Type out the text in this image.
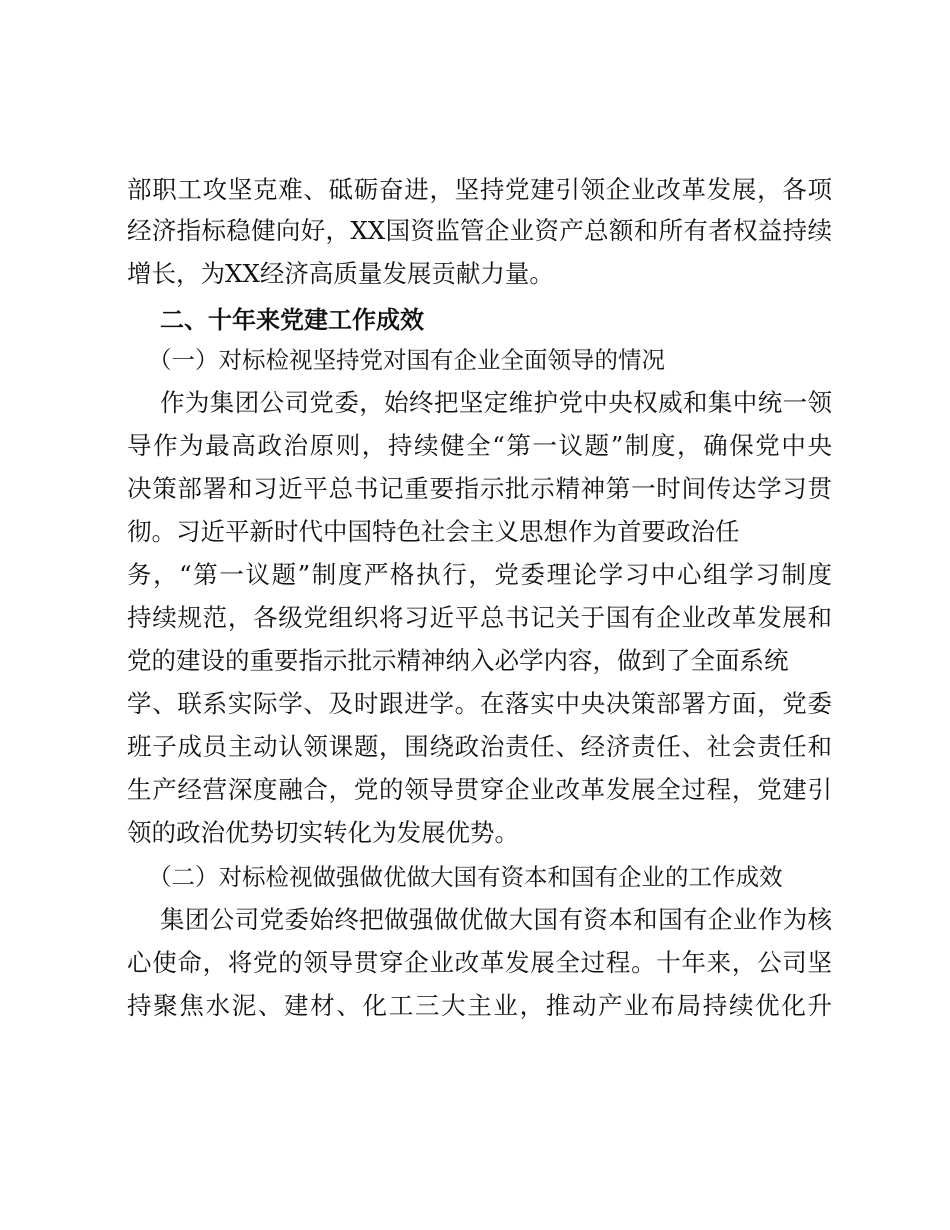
部职工攻坚克难、砥砺奋进，坚持党建引领企业改革发展，各项
经济指标稳健向好，XX国资监管企业资产总额和所有者权益持续
增长，为XX经济高质量发展贡献力量。
二、十年来党建工作成效
（一）对标检视坚持党对国有企业全面领导的情况
作为集团公司党委，始终把坚定维护党中央权威和集中统一领
导作为最高政治原则，持续健全“第一议题”制度，确保党中央
决策部署和习近平总书记重要指示批示精神第一时间传达学习贯
彻。习近平新时代中国特色社会主义思想作为首要政治任
务，“第一议题”制度严格执行，党委理论学习中心组学习制度
持续规范，各级党组织将习近平总书记关于国有企业改革发展和
党的建设的重要指示批示精神纳入必学内容，做到了全面系统
学、联系实际学、及时跟进学。在落实中央决策部署方面，党委
班子成员主动认领课题，围绕政治责任、经济责任、社会责任和
生产经营深度融合，党的领导贯穿企业改革发展全过程，党建引
领的政治优势切实转化为发展优势。
（二）对标检视做强做优做大国有资本和国有企业的工作成效
集团公司党委始终把做强做优做大国有资本和国有企业作为核
心使命，将党的领导贯穿企业改革发展全过程。十年来，公司坚
持聚焦水泥、建材、化工三大主业，推动产业布局持续优化升
